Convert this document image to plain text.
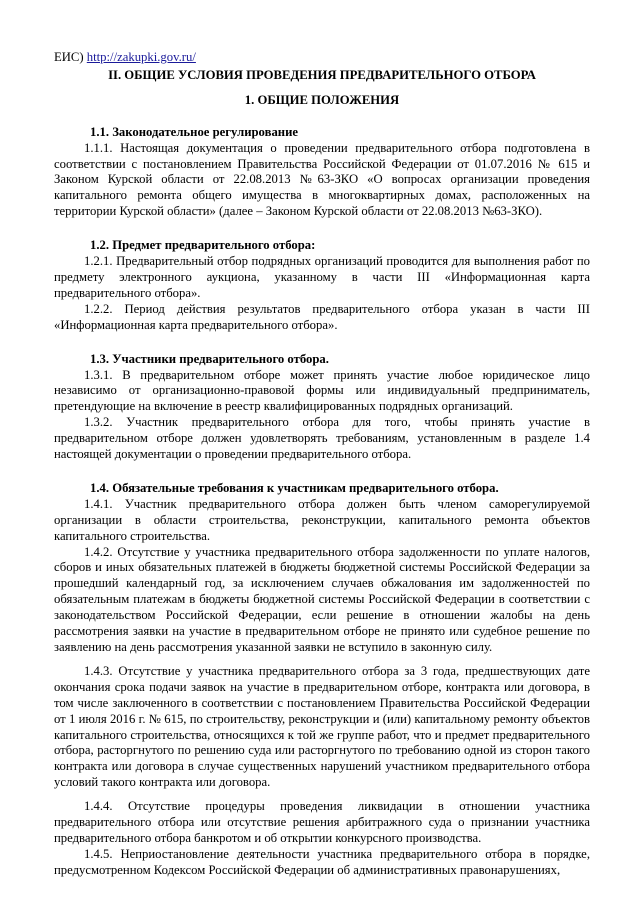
ЕИС) http://zakupki.gov.ru/

II. ОБЩИЕ УСЛОВИЯ ПРОВЕДЕНИЯ ПРЕДВАРИТЕЛЬНОГО ОТБОРА

1. ОБЩИЕ ПОЛОЖЕНИЯ

1.1. Законодательное регулирование

1.1.1. Настоящая документация о проведении предварительного отбора подготовлена в соответствии с постановлением Правительства Российской Федерации от 01.07.2016 № 615 и Законом Курской области от 22.08.2013 №63-ЗКО «О вопросах организации проведения капитального ремонта общего имущества в многоквартирных домах, расположенных на территории Курской области» (далее – Законом Курской области от 22.08.2013 №63-ЗКО).

1.2. Предмет предварительного отбора:

1.2.1. Предварительный отбор подрядных организаций проводится для выполнения работ по предмету электронного аукциона, указанному в части III «Информационная карта предварительного отбора».

1.2.2. Период действия результатов предварительного отбора указан в части III «Информационная карта предварительного отбора».

1.3. Участники предварительного отбора.

1.3.1. В предварительном отборе может принять участие любое юридическое лицо независимо от организационно-правовой формы или индивидуальный предприниматель, претендующие на включение в реестр квалифицированных подрядных организаций.

1.3.2. Участник предварительного отбора для того, чтобы принять участие в предварительном отборе должен удовлетворять требованиям, установленным в разделе 1.4 настоящей документации о проведении предварительного отбора.

1.4. Обязательные требования к участникам предварительного отбора.

1.4.1. Участник предварительного отбора должен быть членом саморегулируемой организации в области строительства, реконструкции, капитального ремонта объектов капитального строительства.

1.4.2. Отсутствие у участника предварительного отбора задолженности по уплате налогов, сборов и иных обязательных платежей в бюджеты бюджетной системы Российской Федерации за прошедший календарный год, за исключением случаев обжалования им задолженностей по обязательным платежам в бюджеты бюджетной системы Российской Федерации в соответствии с законодательством Российской Федерации, если решение в отношении жалобы на день рассмотрения заявки на участие в предварительном отборе не принято или судебное решение по заявлению на день рассмотрения указанной заявки не вступило в законную силу.

1.4.3. Отсутствие у участника предварительного отбора за 3 года, предшествующих дате окончания срока подачи заявок на участие в предварительном отборе, контракта или договора, в том числе заключенного в соответствии с постановлением Правительства Российской Федерации от 1 июля 2016 г. № 615, по строительству, реконструкции и (или) капитальному ремонту объектов капитального строительства, относящихся к той же группе работ, что и предмет предварительного отбора, расторгнутого по решению суда или расторгнутого по требованию одной из сторон такого контракта или договора в случае существенных нарушений участником предварительного отбора условий такого контракта или договора.

1.4.4. Отсутствие процедуры проведения ликвидации в отношении участника предварительного отбора или отсутствие решения арбитражного суда о признании участника предварительного отбора банкротом и об открытии конкурсного производства.

1.4.5. Неприостановление деятельности участника предварительного отбора в порядке, предусмотренном Кодексом Российской Федерации об административных правонарушениях,
